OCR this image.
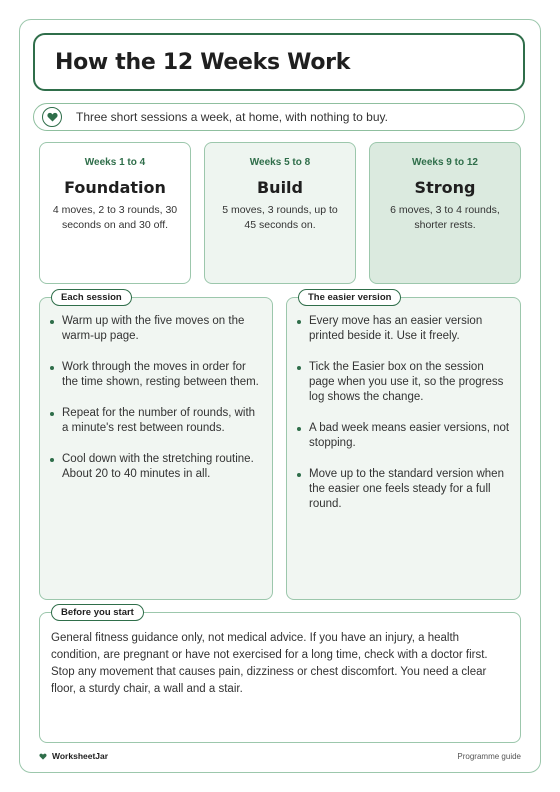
How the 12 Weeks Work
Three short sessions a week, at home, with nothing to buy.
Weeks 1 to 4
Foundation
4 moves, 2 to 3 rounds, 30 seconds on and 30 off.
Weeks 5 to 8
Build
5 moves, 3 rounds, up to 45 seconds on.
Weeks 9 to 12
Strong
6 moves, 3 to 4 rounds, shorter rests.
Warm up with the five moves on the warm-up page.
Work through the moves in order for the time shown, resting between them.
Repeat for the number of rounds, with a minute's rest between rounds.
Cool down with the stretching routine. About 20 to 40 minutes in all.
Each session
Every move has an easier version printed beside it. Use it freely.
Tick the Easier box on the session page when you use it, so the progress log shows the change.
A bad week means easier versions, not stopping.
Move up to the standard version when the easier one feels steady for a full round.
The easier version

General fitness guidance only, not medical advice. If you have an injury, a health condition, are pregnant or have not exercised for a long time, check with a doctor first. Stop any movement that causes pain, dizziness or chest discomfort. You need a clear floor, a sturdy chair, a wall and a stair.

Before you start
WorksheetJar	Programme guide
